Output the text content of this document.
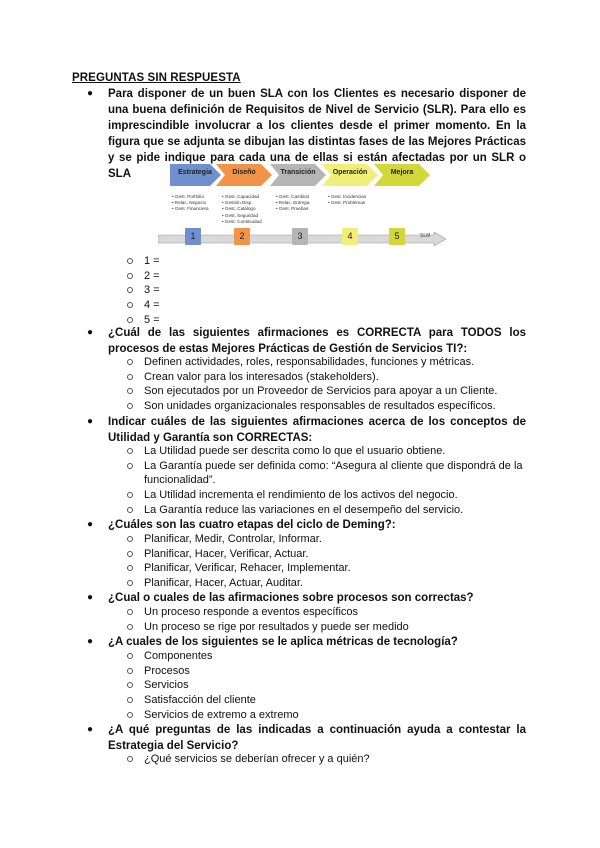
PREGUNTAS SIN RESPUESTA
● Para disponer de un buen SLA con los Clientes es necesario disponer de una buena definición de Requisitos de Nivel de Servicio (SLR). Para ello es imprescindible involucrar a los clientes desde el primer momento. En la figura que se adjunta se dibujan las distintas fases de las Mejores Prácticas y se pide indique para cada una de ellas si están afectadas por un SLR o SLA	Estrategia	Diseño	Transición	Operación	Mejora
• Gest. Portfolio
• Relac. Negocio
• Gest. Financiera
• Gest. Capacidad
• Gestión Disp.
• Gest. Catálogo
• Gest. Seguridad
• Gest. Continuidad
• Gest. Cambios
• Relac. Entrega
• Gest. Pruebas
• Gest. Incidencias
• Gest. Problemas
1	2	3	4	5	SLM
1 =
2 =
3 =
4 =
5 =
● ¿Cuál de las siguientes afirmaciones es CORRECTA para TODOS los procesos de estas Mejores Prácticas de Gestión de Servicios TI?:
Definen actividades, roles, responsabilidades, funciones y métricas.
Crean valor para los interesados (stakeholders).
Son ejecutados por un Proveedor de Servicios para apoyar a un Cliente.
Son unidades organizacionales responsables de resultados específicos.
● Indicar cuáles de las siguientes afirmaciones acerca de los conceptos de Utilidad y Garantía son CORRECTAS:
La Utilidad puede ser descrita como lo que el usuario obtiene.
La Garantía puede ser definida como: “Asegura al cliente que dispondrá de la funcionalidad”.
La Utilidad incrementa el rendimiento de los activos del negocio.
La Garantía reduce las variaciones en el desempeño del servicio.
● ¿Cuáles son las cuatro etapas del ciclo de Deming?:
Planificar, Medir, Controlar, Informar.
Planificar, Hacer, Verificar, Actuar.
Planificar, Verificar, Rehacer, Implementar.
Planificar, Hacer, Actuar, Auditar.
● ¿Cual o cuales de las afirmaciones sobre procesos son correctas?
Un proceso responde a eventos específicos
Un proceso se rige por resultados y puede ser medido
● ¿A cuales de los siguientes se le aplica métricas de tecnología?
Componentes
Procesos
Servicios
Satisfacción del cliente
Servicios de extremo a extremo
● ¿A qué preguntas de las indicadas a continuación ayuda a contestar la Estrategia del Servicio?
¿Qué servicios se deberían ofrecer y a quién?
